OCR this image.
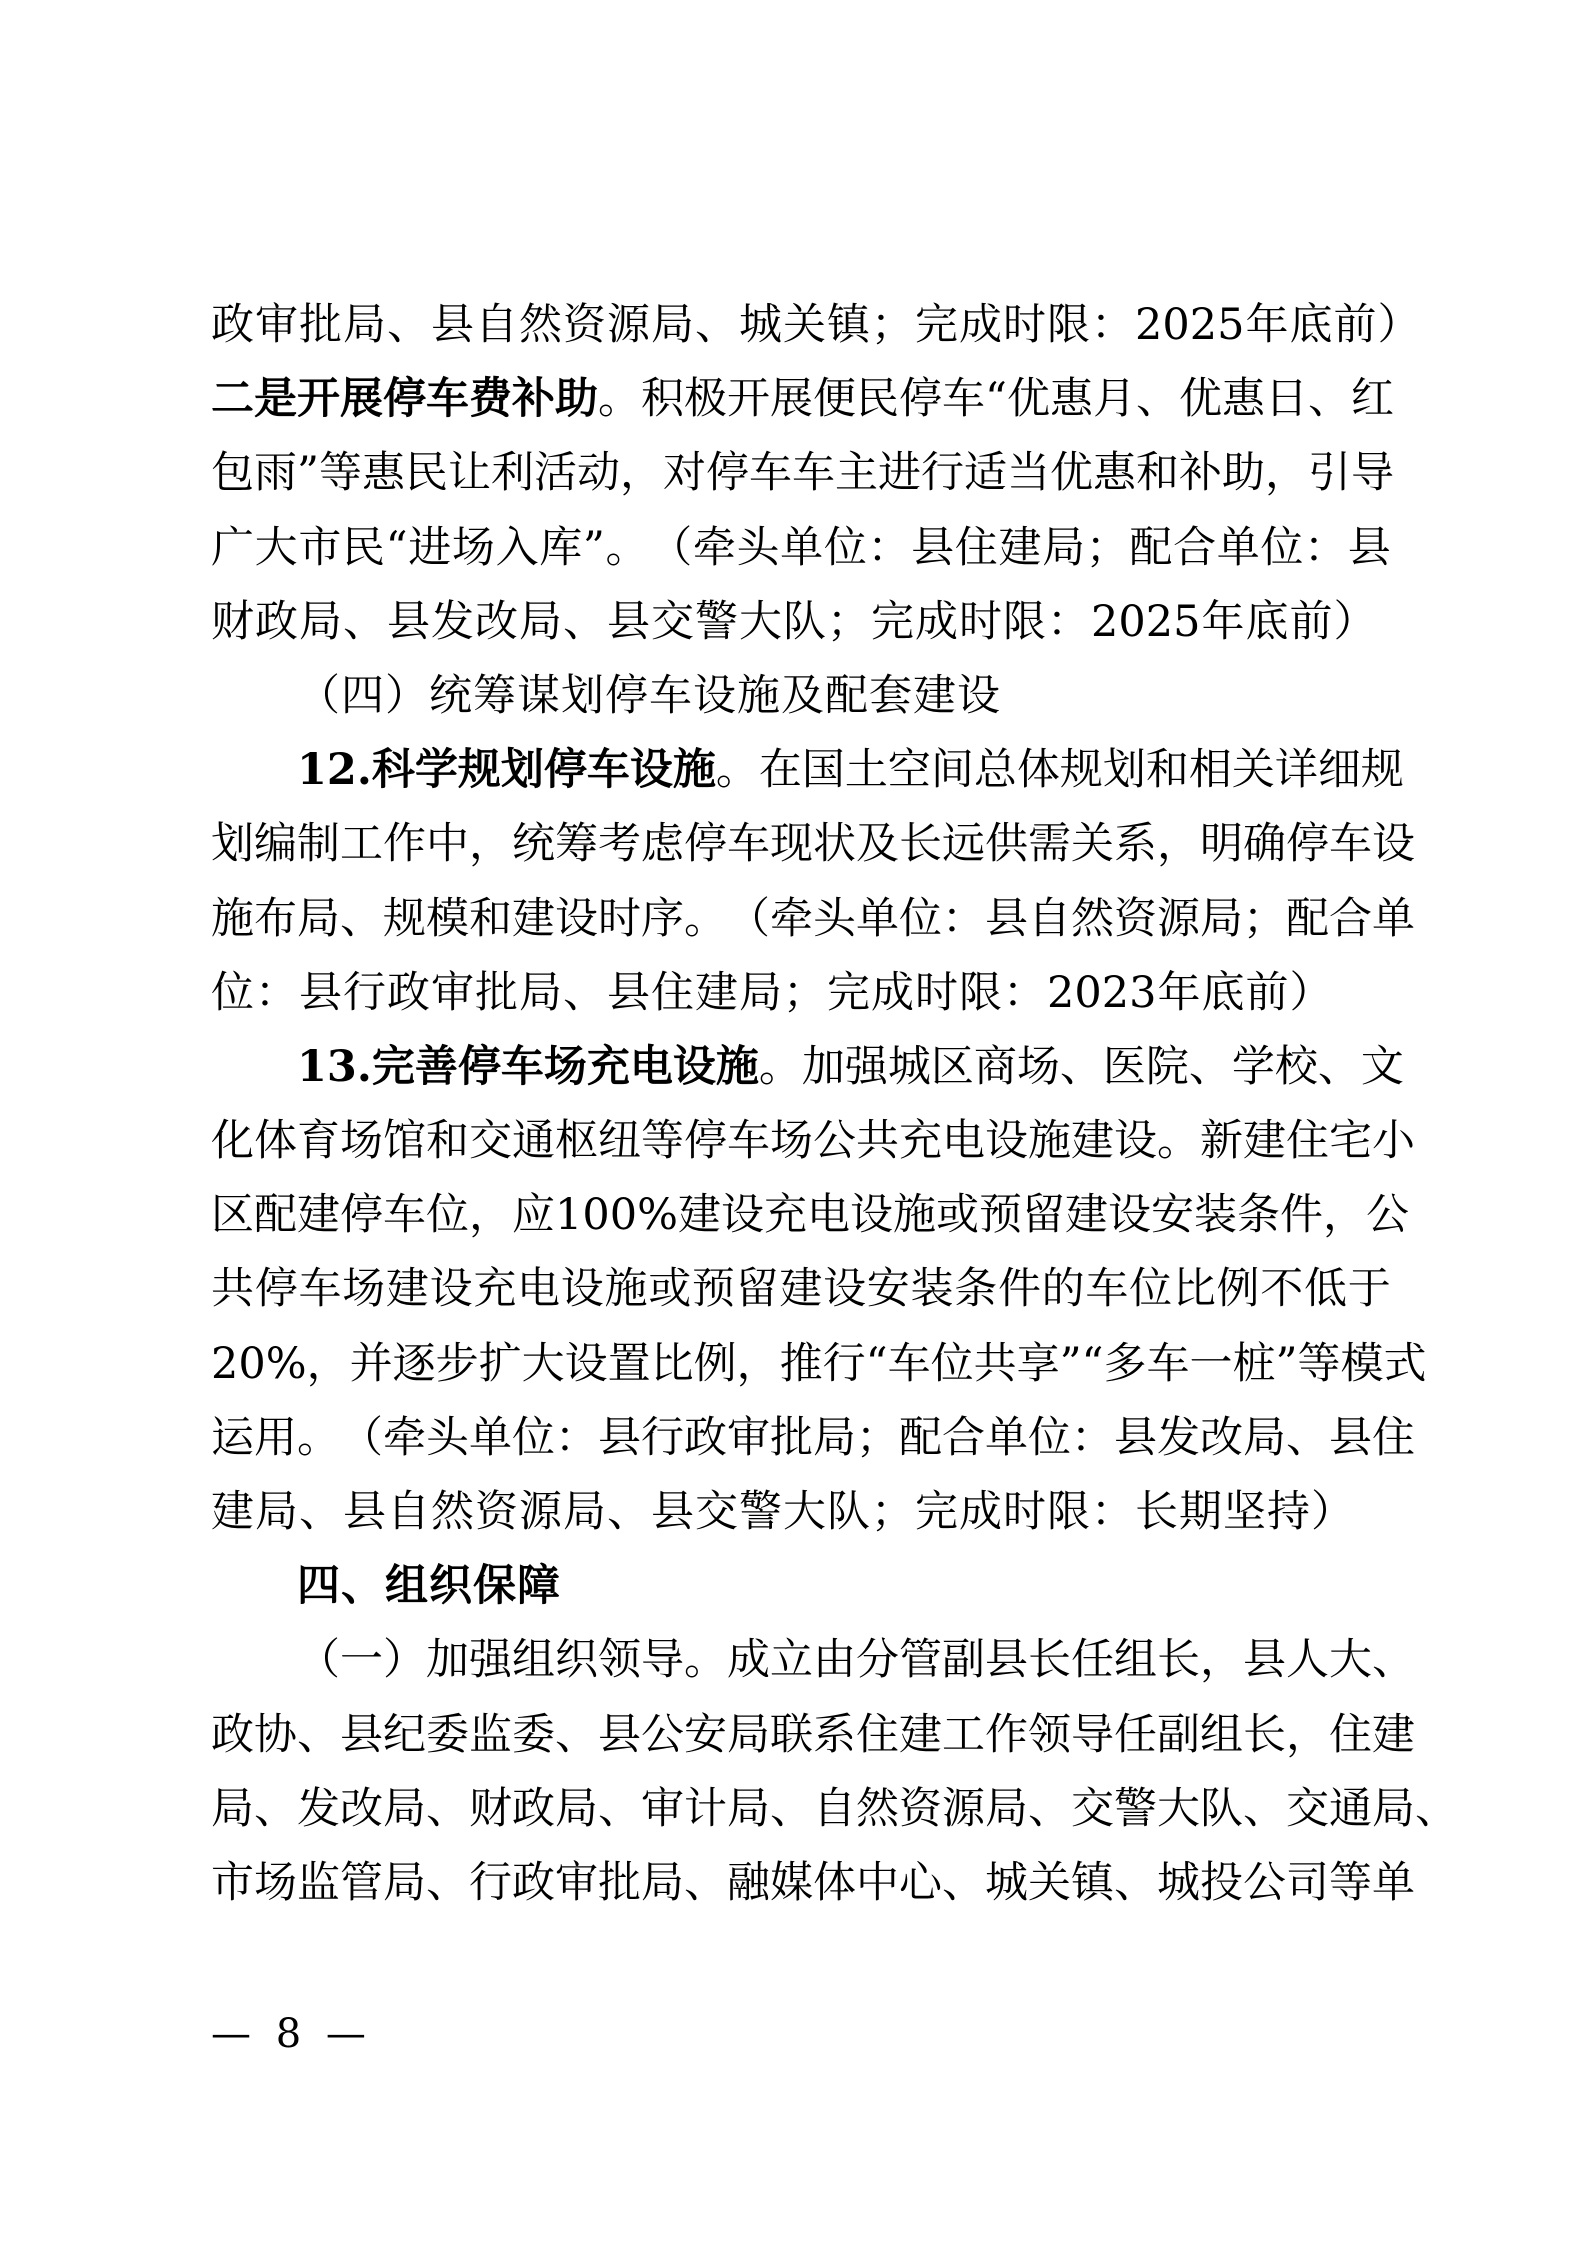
政 审 批 局 、 县 自 然 资 源 局 、 城 关 镇 ； 完 成 时 限 ： 2025 年 底 前 ）
二 是 开 展 停 车 费 补 助 。 积 极 开 展 便 民 停 车 “ 优 惠 月 、 优 惠 日 、 红
包 雨 ” 等 惠 民 让 利 活 动 ， 对 停 车 车 主 进 行 适 当 优 惠 和 补 助 ， 引 导
广 大 市 民 “ 进 场 入 库 ” 。 （ 牵 头 单 位 ： 县 住 建 局 ； 配 合 单 位 ： 县
财 政 局 、 县 发 改 局 、 县 交 警 大 队 ； 完 成 时 限 ： 2025 年 底 前 ）
（ 四 ） 统 筹 谋 划 停 车 设 施 及 配 套 建 设
12. 科 学 规 划 停 车 设 施 。 在 国 土 空 间 总 体 规 划 和 相 关 详 细 规
划 编 制 工 作 中 ， 统 筹 考 虑 停 车 现 状 及 长 远 供 需 关 系 ， 明 确 停 车 设
施 布 局 、 规 模 和 建 设 时 序 。 （ 牵 头 单 位 ： 县 自 然 资 源 局 ； 配 合 单
位 ： 县 行 政 审 批 局 、 县 住 建 局 ； 完 成 时 限 ： 2023 年 底 前 ）
13. 完 善 停 车 场 充 电 设 施 。 加 强 城 区 商 场 、 医 院 、 学 校 、 文
化 体 育 场 馆 和 交 通 枢 纽 等 停 车 场 公 共 充 电 设 施 建 设 。 新 建 住 宅 小
区 配 建 停 车 位 ， 应 100% 建 设 充 电 设 施 或 预 留 建 设 安 装 条 件 ， 公
共 停 车 场 建 设 充 电 设 施 或 预 留 建 设 安 装 条 件 的 车 位 比 例 不 低 于
20% ， 并 逐 步 扩 大 设 置 比 例 ， 推 行 “ 车 位 共 享 ” “ 多 车 一 桩 ” 等 模 式
运 用 。 （ 牵 头 单 位 ： 县 行 政 审 批 局 ； 配 合 单 位 ： 县 发 改 局 、 县 住
建 局 、 县 自 然 资 源 局 、 县 交 警 大 队 ； 完 成 时 限 ： 长 期 坚 持 ）
四 、 组 织 保 障
（ 一 ） 加 强 组 织 领 导 。 成 立 由 分 管 副 县 长 任 组 长 ， 县 人 大 、
政 协 、 县 纪 委 监 委 、 县 公 安 局 联 系 住 建 工 作 领 导 任 副 组 长 ， 住 建
局 、 发 改 局 、 财 政 局 、 审 计 局 、 自 然 资 源 局 、 交 警 大 队 、 交 通 局 、
市 场 监 管 局 、 行 政 审 批 局 、 融 媒 体 中 心 、 城 关 镇 、 城 投 公 司 等 单
— 8 —
